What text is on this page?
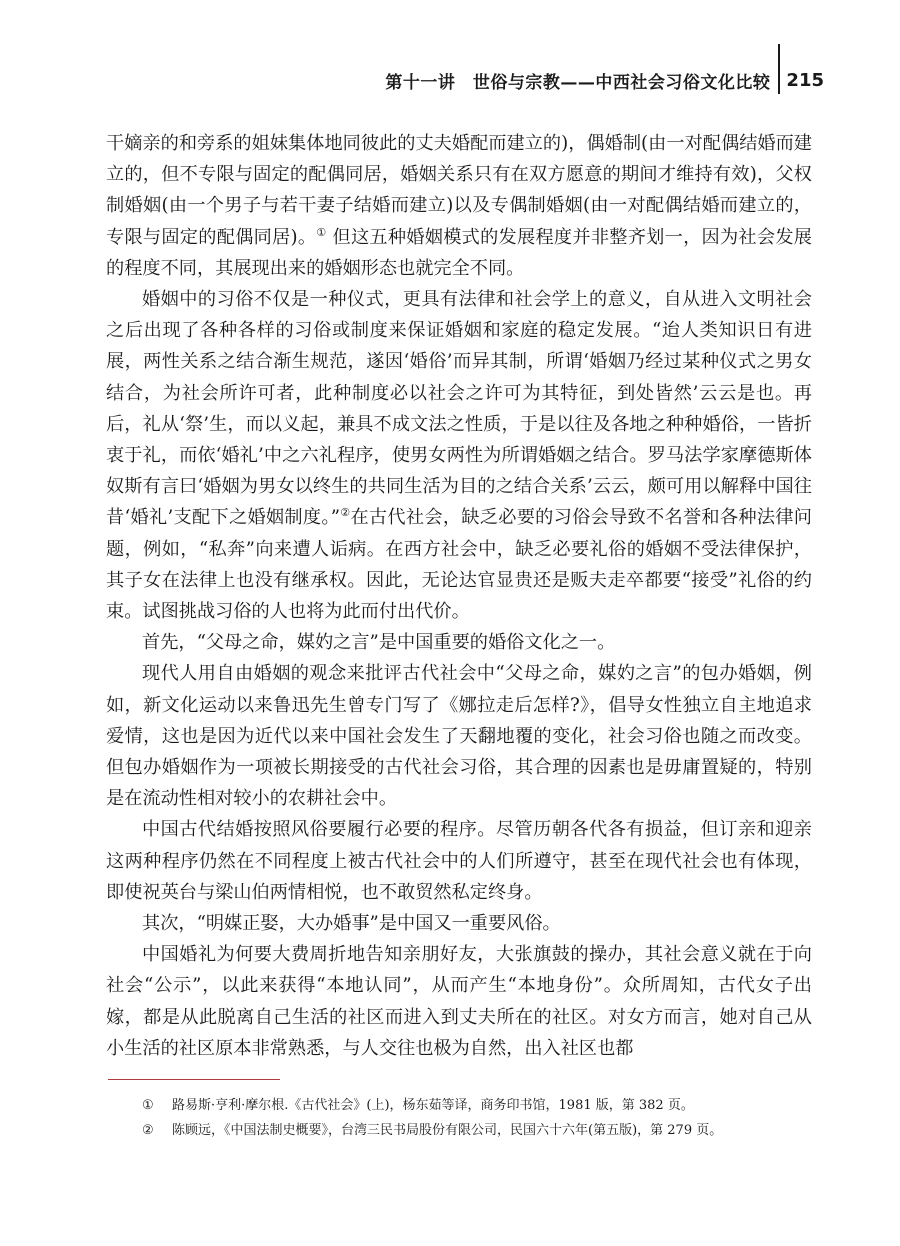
第十一讲　世俗与宗教——中西社会习俗文化比较 215

干嫡亲的和旁系的姐妹集体地同彼此的丈夫婚配而建立的)，偶婚制(由一对配偶结婚而建立的，但不专限与固定的配偶同居，婚姻关系只有在双方愿意的期间才维持有效)，父权制婚姻(由一个男子与若干妻子结婚而建立)以及专偶制婚姻(由一对配偶结婚而建立的，专限与固定的配偶同居)。① 但这五种婚姻模式的发展程度并非整齐划一，因为社会发展的程度不同，其展现出来的婚姻形态也就完全不同。

婚姻中的习俗不仅是一种仪式，更具有法律和社会学上的意义，自从进入文明社会之后出现了各种各样的习俗或制度来保证婚姻和家庭的稳定发展。“迨人类知识日有进展，两性关系之结合渐生规范，遂因‘婚俗’而异其制，所谓‘婚姻乃经过某种仪式之男女结合，为社会所许可者，此种制度必以社会之许可为其特征，到处皆然’云云是也。再后，礼从‘祭’生，而以义起，兼具不成文法之性质，于是以往及各地之种种婚俗，一皆折衷于礼，而依‘婚礼’中之六礼程序，使男女两性为所谓婚姻之结合。罗马法学家摩德斯体奴斯有言曰‘婚姻为男女以终生的共同生活为目的之结合关系’云云，颇可用以解释中国往昔‘婚礼’支配下之婚姻制度。”②在古代社会，缺乏必要的习俗会导致不名誉和各种法律问题，例如，“私奔”向来遭人诟病。在西方社会中，缺乏必要礼俗的婚姻不受法律保护，其子女在法律上也没有继承权。因此，无论达官显贵还是贩夫走卒都要“接受”礼俗的约束。试图挑战习俗的人也将为此而付出代价。

首先，“父母之命，媒妁之言”是中国重要的婚俗文化之一。

现代人用自由婚姻的观念来批评古代社会中“父母之命，媒妁之言”的包办婚姻，例如，新文化运动以来鲁迅先生曾专门写了《娜拉走后怎样?》，倡导女性独立自主地追求爱情，这也是因为近代以来中国社会发生了天翻地覆的变化，社会习俗也随之而改变。但包办婚姻作为一项被长期接受的古代社会习俗，其合理的因素也是毋庸置疑的，特别是在流动性相对较小的农耕社会中。

中国古代结婚按照风俗要履行必要的程序。尽管历朝各代各有损益，但订亲和迎亲这两种程序仍然在不同程度上被古代社会中的人们所遵守，甚至在现代社会也有体现，即使祝英台与梁山伯两情相悦，也不敢贸然私定终身。

其次，“明媒正娶，大办婚事”是中国又一重要风俗。

中国婚礼为何要大费周折地告知亲朋好友，大张旗鼓的操办，其社会意义就在于向社会“公示”，以此来获得“本地认同”，从而产生“本地身份”。众所周知，古代女子出嫁，都是从此脱离自己生活的社区而进入到丈夫所在的社区。对女方而言，她对自己从小生活的社区原本非常熟悉，与人交往也极为自然，出入社区也都

①	路易斯·亨利·摩尔根.《古代社会》(上)，杨东茹等译，商务印书馆，1981 版，第 382 页。
②	陈顾远，《中国法制史概要》，台湾三民书局股份有限公司，民国六十六年(第五版)，第 279 页。
